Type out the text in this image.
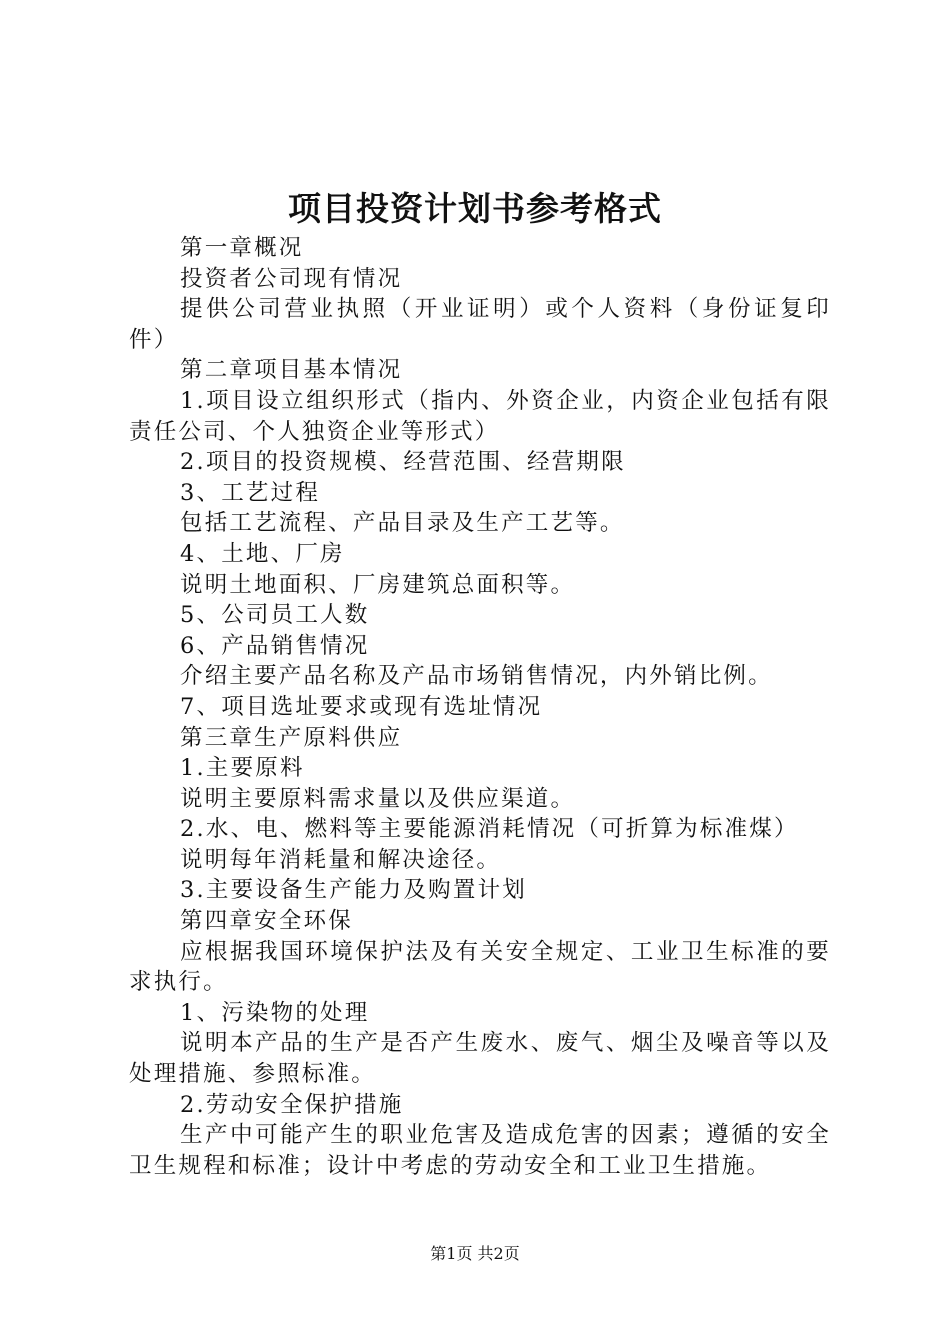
项目投资计划书参考格式

第一章概况

投资者公司现有情况

提供公司营业执照（开业证明）或个人资料（身份证复印件）

第二章项目基本情况

1.项目设立组织形式（指内、外资企业，内资企业包括有限责任公司、个人独资企业等形式）

2.项目的投资规模、经营范围、经营期限

3、工艺过程

包括工艺流程、产品目录及生产工艺等。

4、土地、厂房

说明土地面积、厂房建筑总面积等。

5、公司员工人数

6、产品销售情况

介绍主要产品名称及产品市场销售情况，内外销比例。

7、项目选址要求或现有选址情况

第三章生产原料供应

1.主要原料

说明主要原料需求量以及供应渠道。

2.水、电、燃料等主要能源消耗情况（可折算为标准煤）

说明每年消耗量和解决途径。

3.主要设备生产能力及购置计划

第四章安全环保

应根据我国环境保护法及有关安全规定、工业卫生标准的要求执行。

1、污染物的处理

说明本产品的生产是否产生废水、废气、烟尘及噪音等以及处理措施、参照标准。

2.劳动安全保护措施

生产中可能产生的职业危害及造成危害的因素；遵循的安全卫生规程和标准；设计中考虑的劳动安全和工业卫生措施。

第1页 共2页
